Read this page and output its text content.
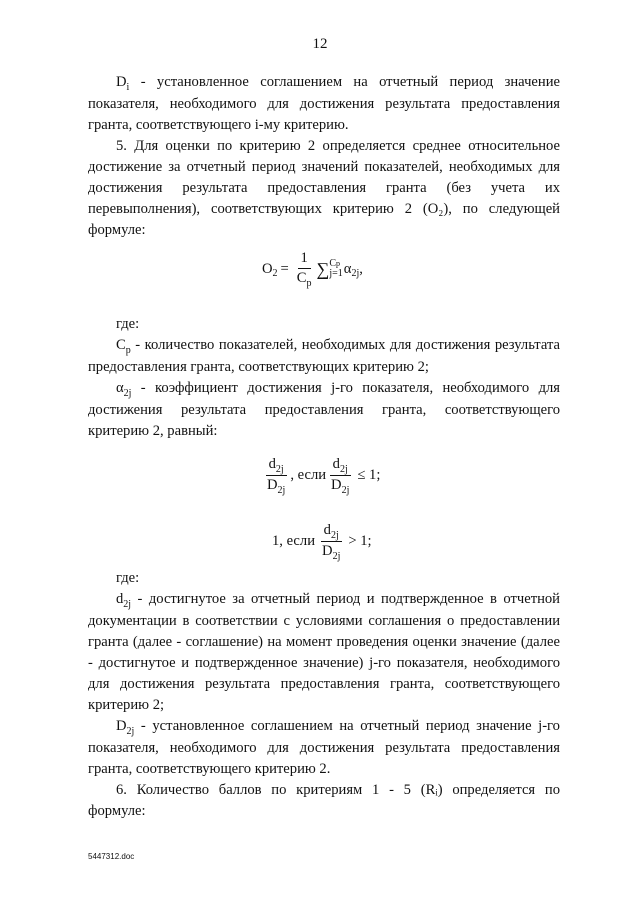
12

$D_i$ - установленное соглашением на отчетный период значение показателя, необходимого для достижения результата предоставления гранта, соответствующего i-му критерию.

5. Для оценки по критерию 2 определяется среднее относительное достижение за отчетный период значений показателей, необходимых для достижения результата предоставления гранта (без учета их перевыполнения), соответствующих критерию 2 (O₂), по следующей формуле:

O $2 = \frac{1}{C_p}$ ∑ Cp
j=1 α 2j ,

где:

$C_p$ - количество показателей, необходимых для достижения результата предоставления гранта, соответствующих критерию 2;

$\alpha_{2j}$ - коэффициент достижения j-го показателя, необходимого для достижения результата предоставления гранта, соответствующего критерию 2, равный:

$\frac{d_{2j}}{D_{2j}}$ , если $\frac{d_{2j}}{D_{2j}} \le 1$;
1, если $\frac{d_{2j}}{D_{2j}} > 1$;

где:

$d_{2j}$ - достигнутое за отчетный период и подтвержденное в отчетной документации в соответствии с условиями соглашения о предоставлении гранта (далее - соглашение) на момент проведения оценки значение (далее - достигнутое и подтвержденное значение) j-го показателя, необходимого для достижения результата предоставления гранта, соответствующего критерию 2;

$D_{2j}$ - установленное соглашением на отчетный период значение j-го показателя, необходимого для достижения результата предоставления гранта, соответствующего критерию 2.

6. Количество баллов по критериям 1 - 5 (Rᵢ) определяется по формуле:

5447312.doc
